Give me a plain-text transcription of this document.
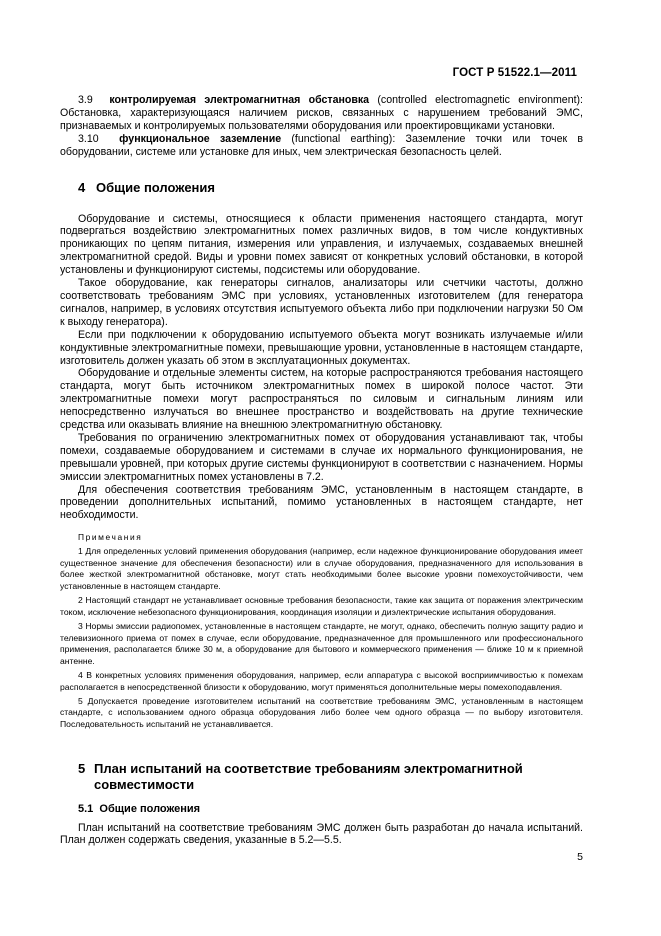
ГОСТ Р 51522.1—2011

3.9 контролируемая электромагнитная обстановка (controlled electromagnetic environment): Обстановка, характеризующаяся наличием рисков, связанных с нарушением требований ЭМС, признаваемых и контролируемых пользователями оборудования или проектировщиками установки.

3.10 функциональное заземление (functional earthing): Заземление точки или точек в оборудовании, системе или установке для иных, чем электрическая безопасность целей.

4 Общие положения

Оборудование и системы, относящиеся к области применения настоящего стандарта, могут подвергаться воздействию электромагнитных помех различных видов, в том числе кондуктивных проникающих по цепям питания, измерения или управления, и излучаемых, создаваемых внешней электромагнитной средой. Виды и уровни помех зависят от конкретных условий обстановки, в которой установлены и функционируют системы, подсистемы или оборудование.

Такое оборудование, как генераторы сигналов, анализаторы или счетчики частоты, должно соответствовать требованиям ЭМС при условиях, установленных изготовителем (для генератора сигналов, например, в условиях отсутствия испытуемого объекта либо при подключении нагрузки 50 Ом к выходу генератора).

Если при подключении к оборудованию испытуемого объекта могут возникать излучаемые и/или кондуктивные электромагнитные помехи, превышающие уровни, установленные в настоящем стандарте, изготовитель должен указать об этом в эксплуатационных документах.

Оборудование и отдельные элементы систем, на которые распространяются требования настоящего стандарта, могут быть источником электромагнитных помех в широкой полосе частот. Эти электромагнитные помехи могут распространяться по силовым и сигнальным линиям или непосредственно излучаться во внешнее пространство и воздействовать на другие технические средства или оказывать влияние на внешнюю электромагнитную обстановку.

Требования по ограничению электромагнитных помех от оборудования устанавливают так, чтобы помехи, создаваемые оборудованием и системами в случае их нормального функционирования, не превышали уровней, при которых другие системы функционируют в соответствии с назначением. Нормы эмиссии электромагнитных помех установлены в 7.2.

Для обеспечения соответствия требованиям ЭМС, установленным в настоящем стандарте, в проведении дополнительных испытаний, помимо установленных в настоящем стандарте, нет необходимости.

Примечания
1 Для определенных условий применения оборудования (например, если надежное функционирование оборудования имеет существенное значение для обеспечения безопасности) или в случае оборудования, предназначенного для использования в более жесткой электромагнитной обстановке, могут стать необходимыми более высокие уровни помехоустойчивости, чем установленные в настоящем стандарте.
2 Настоящий стандарт не устанавливает основные требования безопасности, такие как защита от поражения электрическим током, исключение небезопасного функционирования, координация изоляции и диэлектрические испытания оборудования.
3 Нормы эмиссии радиопомех, установленные в настоящем стандарте, не могут, однако, обеспечить полную защиту радио и телевизионного приема от помех в случае, если оборудование, предназначенное для промышленного или профессионального применения, располагается ближе 30 м, а оборудование для бытового и коммерческого применения — ближе 10 м к приемной антенне.
4 В конкретных условиях применения оборудования, например, если аппаратура с высокой восприимчивостью к помехам располагается в непосредственной близости к оборудованию, могут применяться дополнительные меры помехоподавления.
5 Допускается проведение изготовителем испытаний на соответствие требованиям ЭМС, установленным в настоящем стандарте, с использованием одного образца оборудования либо более чем одного образца — по выбору изготовителя. Последовательность испытаний не устанавливается.
5 План испытаний на соответствие требованиям электромагнитной
совместимости
5.1 Общие положения

План испытаний на соответствие требованиям ЭМС должен быть разработан до начала испытаний. План должен содержать сведения, указанные в 5.2—5.5.

5
